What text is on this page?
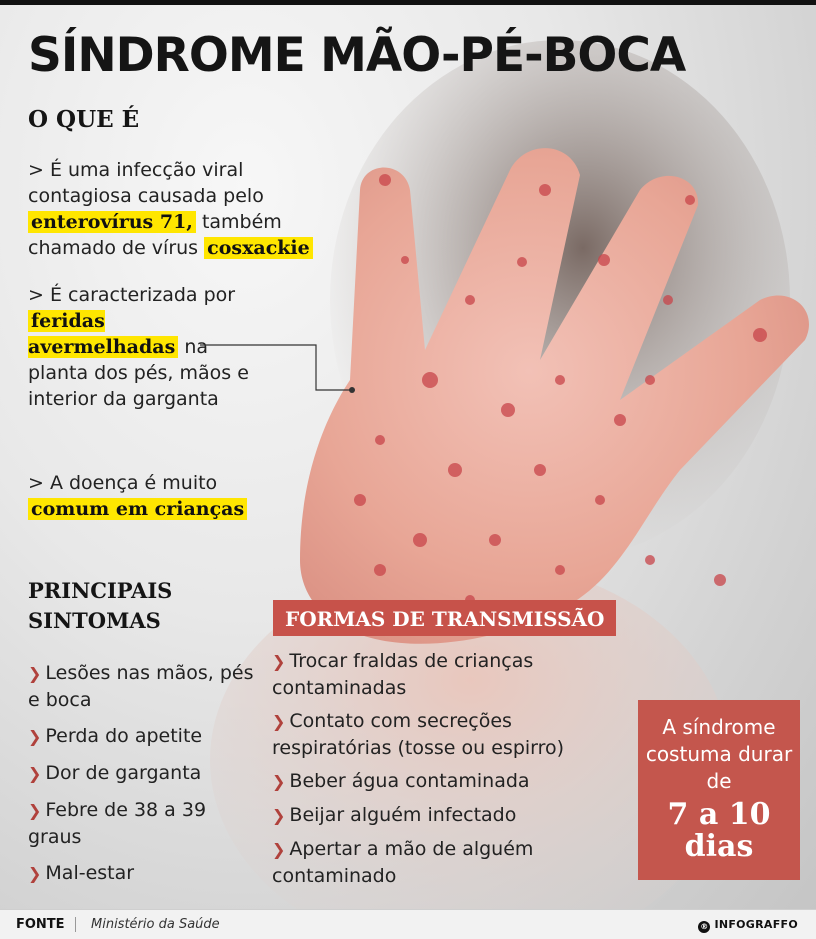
SÍNDROME MÃO-PÉ-BOCA
O QUE É

> É uma infecção viral contagiosa causada pelo enterovírus 71, também chamado de vírus cosxackie

> É caracterizada por feridas avermelhadas na planta dos pés, mãos e interior da garganta

> A doença é muito comum em crianças

PRINCIPAIS
SINTOMAS
❯ Lesões nas mãos, pés e boca
❯ Perda do apetite
❯ Dor de garganta
❯ Febre de 38 a 39 graus
❯ Mal-estar
FORMAS DE TRANSMISSÃO
❯ Trocar fraldas de crianças contaminadas
❯ Contato com secreções respiratórias (tosse ou espirro)
❯ Beber água contaminada
❯ Beijar alguém infectado
❯ Apertar a mão de alguém contaminado

A síndrome costuma durar de

7 a 10 dias

FONTE	Ministério da Saúde	® INFOGRAFFO
